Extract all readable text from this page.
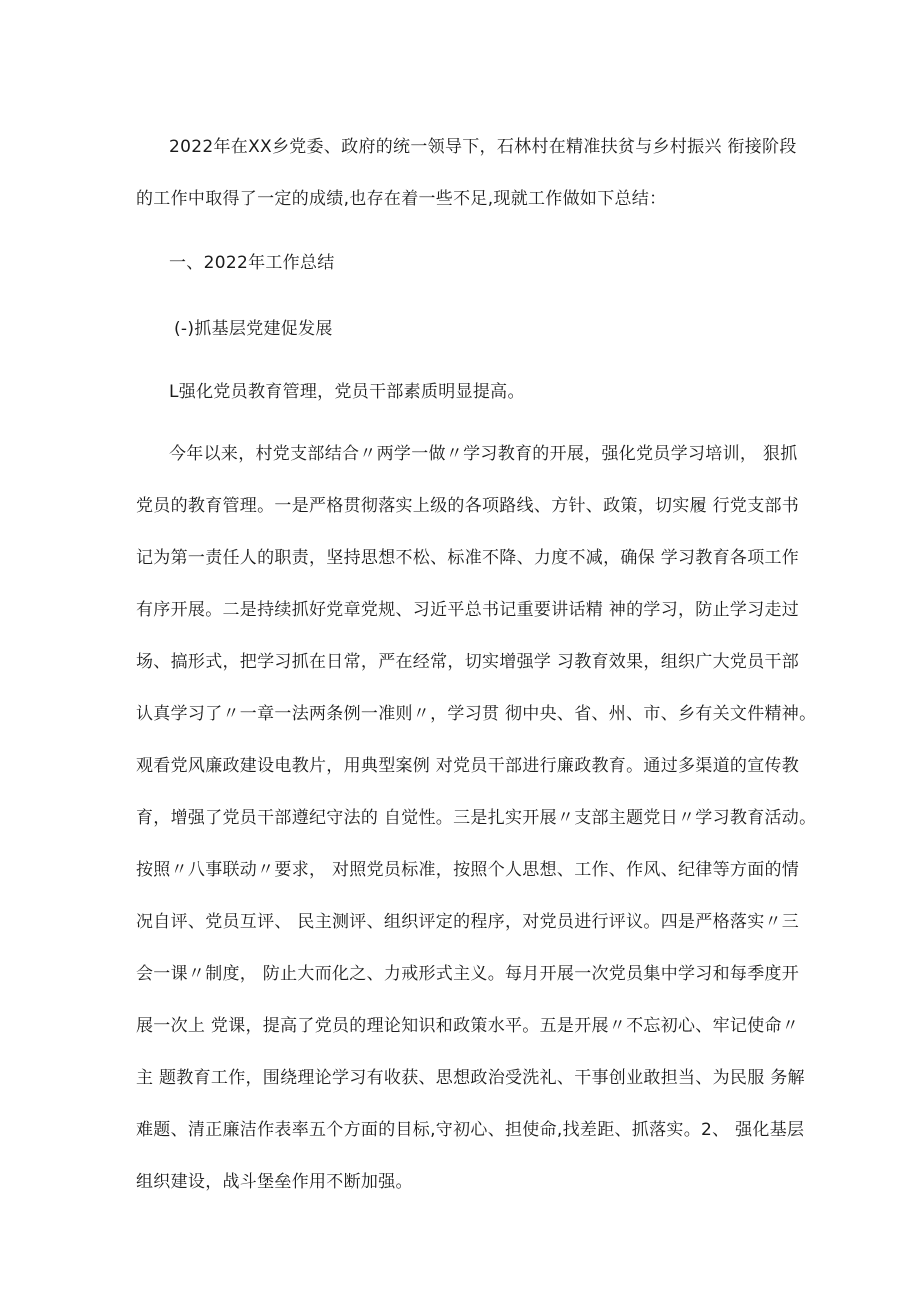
2022年在XX乡党委、政府的统一领导下，石林村在精准扶贫与乡村振兴 衔接阶段

的工作中取得了一定的成绩,也存在着一些不足,现就工作做如下总结：

一、2022年工作总结

(-)抓基层党建促发展

L强化党员教育管理，党员干部素质明显提高。

今年以来，村党支部结合〃两学一做〃学习教育的开展，强化党员学习培训， 狠抓

党员的教育管理。一是严格贯彻落实上级的各项路线、方针、政策，切实履 行党支部书

记为第一责任人的职责，坚持思想不松、标准不降、力度不减，确保 学习教育各项工作

有序开展。二是持续抓好党章党规、习近平总书记重要讲话精 神的学习，防止学习走过

场、搞形式，把学习抓在日常，严在经常，切实增强学 习教育效果，组织广大党员干部

认真学习了〃一章一法两条例一准则〃，学习贯 彻中央、省、州、市、乡有关文件精神。

观看党风廉政建设电教片，用典型案例 对党员干部进行廉政教育。通过多渠道的宣传教

育，增强了党员干部遵纪守法的 自觉性。三是扎实开展〃支部主题党日〃学习教育活动。

按照〃八事联动〃要求， 对照党员标准，按照个人思想、工作、作风、纪律等方面的情

况自评、党员互评、 民主测评、组织评定的程序，对党员进行评议。四是严格落实〃三

会一课〃制度， 防止大而化之、力戒形式主义。每月开展一次党员集中学习和每季度开

展一次上 党课，提高了党员的理论知识和政策水平。五是开展〃不忘初心、牢记使命〃

主 题教育工作，围绕理论学习有收获、思想政治受洗礼、干事创业敢担当、为民服 务解

难题、清正廉洁作表率五个方面的目标,守初心、担使命,找差距、抓落实。2、 强化基层

组织建设，战斗堡垒作用不断加强。
